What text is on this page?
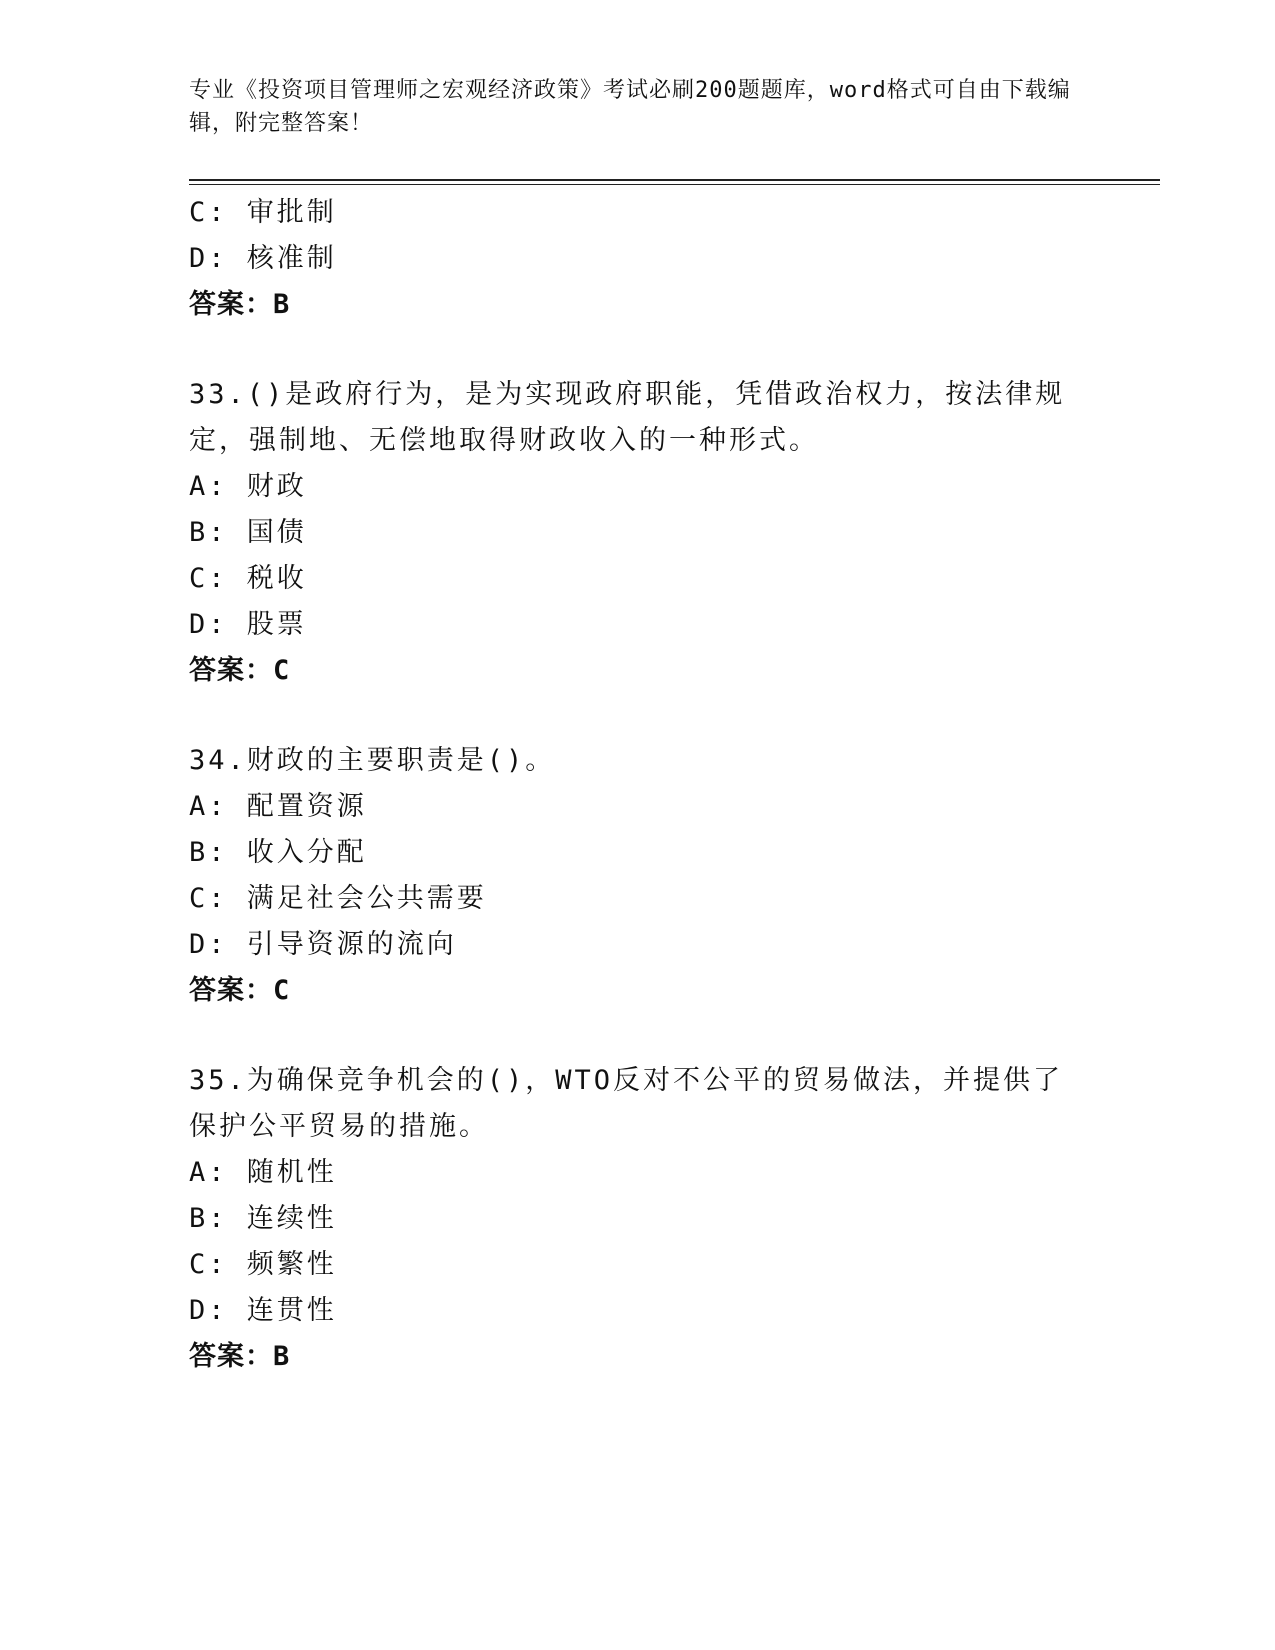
专业《投资项目管理师之宏观经济政策》考试必刷200题题库，word格式可自由下载编辑，附完整答案！
C: 审批制
D: 核准制
答案：B
33.()是政府行为，是为实现政府职能，凭借政治权力，按法律规定，强制地、无偿地取得财政收入的一种形式。
A: 财政
B: 国债
C: 税收
D: 股票
答案：C
34.财政的主要职责是()。
A: 配置资源
B: 收入分配
C: 满足社会公共需要
D: 引导资源的流向
答案：C
35.为确保竞争机会的()，WTO反对不公平的贸易做法，并提供了保护公平贸易的措施。
A: 随机性
B: 连续性
C: 频繁性
D: 连贯性
答案：B
